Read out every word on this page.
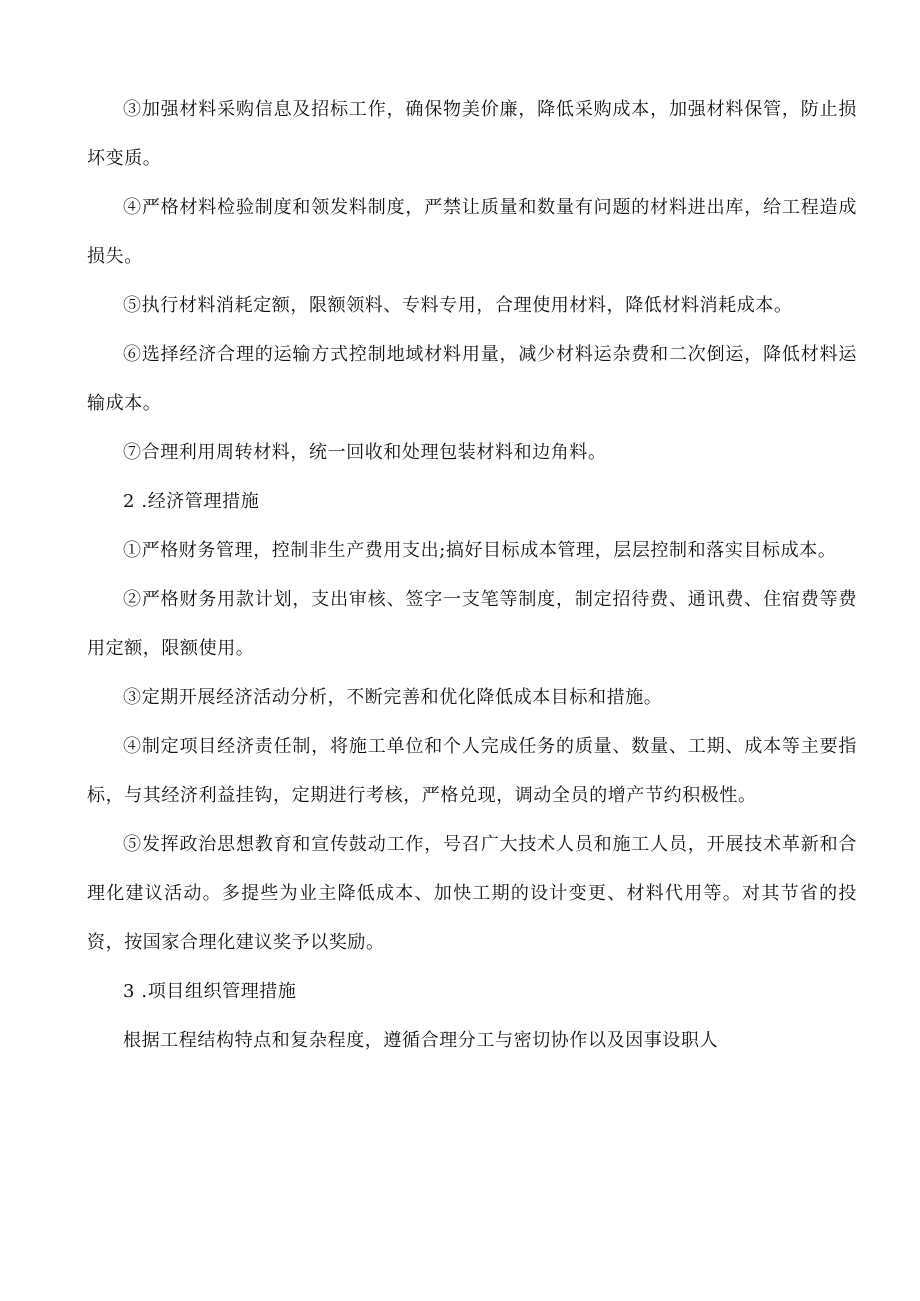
③加强材料采购信息及招标工作，确保物美价廉，降低采购成本，加强材料保管，防止损坏变质。

④严格材料检验制度和领发料制度，严禁让质量和数量有问题的材料进出库，给工程造成损失。

⑤执行材料消耗定额，限额领料、专料专用，合理使用材料，降低材料消耗成本。

⑥选择经济合理的运输方式控制地域材料用量，减少材料运杂费和二次倒运，降低材料运输成本。

⑦合理利用周转材料，统一回收和处理包装材料和边角料。

2 .经济管理措施

①严格财务管理，控制非生产费用支出;搞好目标成本管理，层层控制和落实目标成本。

②严格财务用款计划，支出审核、签字一支笔等制度，制定招待费、通讯费、住宿费等费用定额，限额使用。

③定期开展经济活动分析，不断完善和优化降低成本目标和措施。

④制定项目经济责任制，将施工单位和个人完成任务的质量、数量、工期、成本等主要指标，与其经济利益挂钩，定期进行考核，严格兑现，调动全员的增产节约积极性。

⑤发挥政治思想教育和宣传鼓动工作，号召广大技术人员和施工人员，开展技术革新和合理化建议活动。多提些为业主降低成本、加快工期的设计变更、材料代用等。对其节省的投资，按国家合理化建议奖予以奖励。

3 .项目组织管理措施

根据工程结构特点和复杂程度，遵循合理分工与密切协作以及因事设职人
